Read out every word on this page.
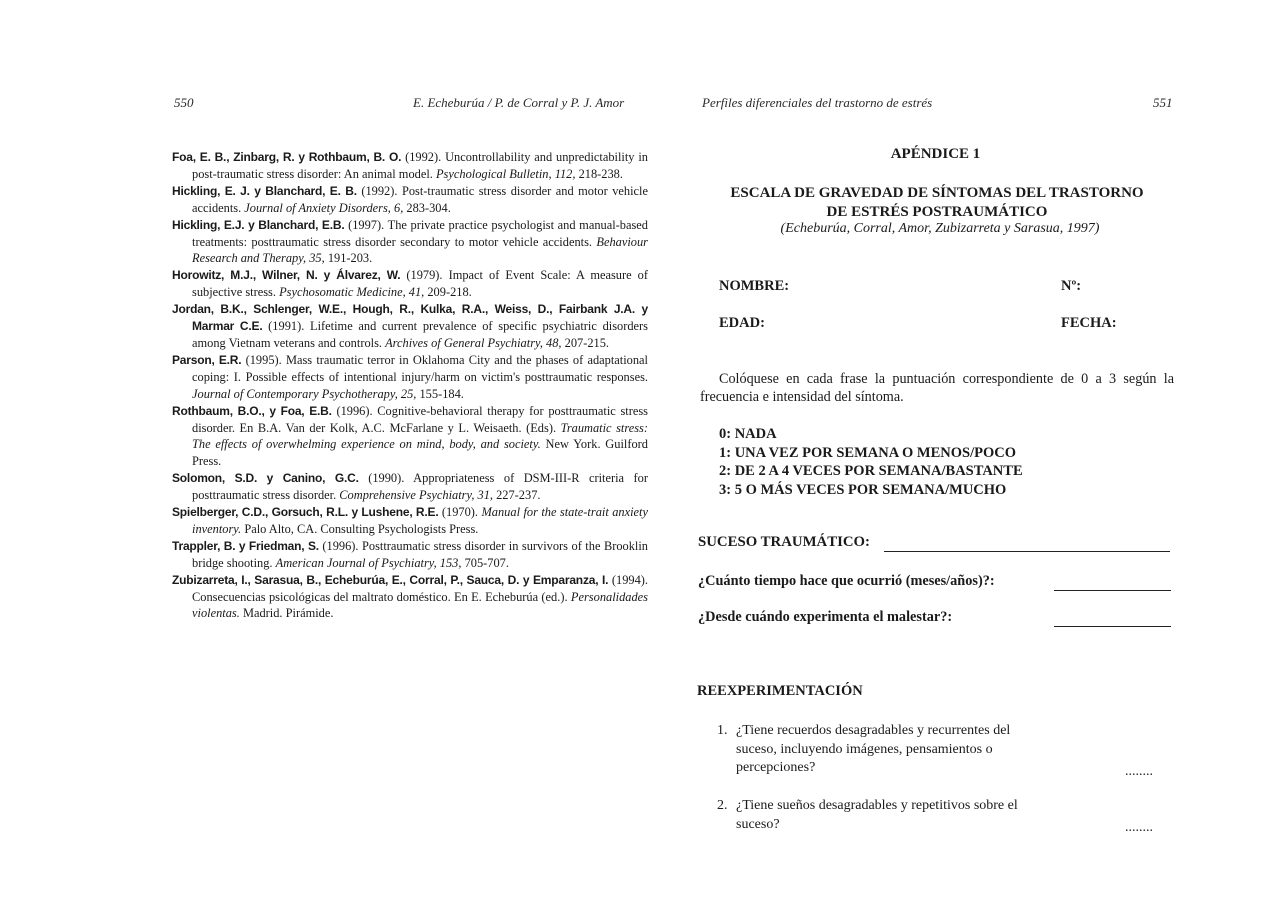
550	E. Echeburúa / P. de Corral y P. J. Amor

Foa, E. B., Zinbarg, R. y Rothbaum, B. O. (1992). Uncontrollability and unpredictability in post-traumatic stress disorder: An animal model. Psychological Bulletin, 112, 218-238.

Hickling, E. J. y Blanchard, E. B. (1992). Post-traumatic stress disorder and motor vehicle accidents. Journal of Anxiety Disorders, 6, 283-304.

Hickling, E.J. y Blanchard, E.B. (1997). The private practice psychologist and manual-based treatments: posttraumatic stress disorder secondary to motor vehicle accidents. Behaviour Research and Therapy, 35, 191-203.

Horowitz, M.J., Wilner, N. y Álvarez, W. (1979). Impact of Event Scale: A measure of subjective stress. Psychosomatic Medicine, 41, 209-218.

Jordan, B.K., Schlenger, W.E., Hough, R., Kulka, R.A., Weiss, D., Fairbank J.A. y Marmar C.E. (1991). Lifetime and current prevalence of specific psychiatric disorders among Vietnam veterans and controls. Archives of General Psychiatry, 48, 207-215.

Parson, E.R. (1995). Mass traumatic terror in Oklahoma City and the phases of adaptational coping: I. Possible effects of intentional injury/harm on victim's posttraumatic responses. Journal of Contemporary Psychotherapy, 25, 155-184.

Rothbaum, B.O., y Foa, E.B. (1996). Cognitive-behavioral therapy for posttraumatic stress disorder. En B.A. Van der Kolk, A.C. McFarlane y L. Weisaeth. (Eds). Traumatic stress: The effects of overwhelming experience on mind, body, and society. New York. Guilford Press.

Solomon, S.D. y Canino, G.C. (1990). Appropriateness of DSM-III-R criteria for posttraumatic stress disorder. Comprehensive Psychiatry, 31, 227-237.

Spielberger, C.D., Gorsuch, R.L. y Lushene, R.E. (1970). Manual for the state-trait anxiety inventory. Palo Alto, CA. Consulting Psychologists Press.

Trappler, B. y Friedman, S. (1996). Posttraumatic stress disorder in survivors of the Brooklin bridge shooting. American Journal of Psychiatry, 153, 705-707.

Zubizarreta, I., Sarasua, B., Echeburúa, E., Corral, P., Sauca, D. y Emparanza, I. (1994). Consecuencias psicológicas del maltrato doméstico. En E. Echeburúa (ed.). Personalidades violentas. Madrid. Pirámide.

Perfiles diferenciales del trastorno de estrés	551
APÉNDICE 1
ESCALA DE GRAVEDAD DE SÍNTOMAS DEL TRASTORNO
DE ESTRÉS POSTRAUMÁTICO
(Echeburúa, Corral, Amor, Zubizarreta y Sarasua, 1997)
NOMBRE:	Nº:
EDAD:	FECHA:

Colóquese en cada frase la puntuación correspondiente de 0 a 3 según la frecuencia e intensidad del síntoma.

0: NADA
1: UNA VEZ POR SEMANA O MENOS/POCO
2: DE 2 A 4 VECES POR SEMANA/BASTANTE
3: 5 O MÁS VECES POR SEMANA/MUCHO
SUCESO TRAUMÁTICO:
¿Cuánto tiempo hace que ocurrió (meses/años)?:
¿Desde cuándo experimenta el malestar?:
REEXPERIMENTACIÓN
1. ¿Tiene recuerdos desagradables y recurrentes del suceso, incluyendo imágenes, pensamientos o percepciones?	........
2. ¿Tiene sueños desagradables y repetitivos sobre el suceso?	........
